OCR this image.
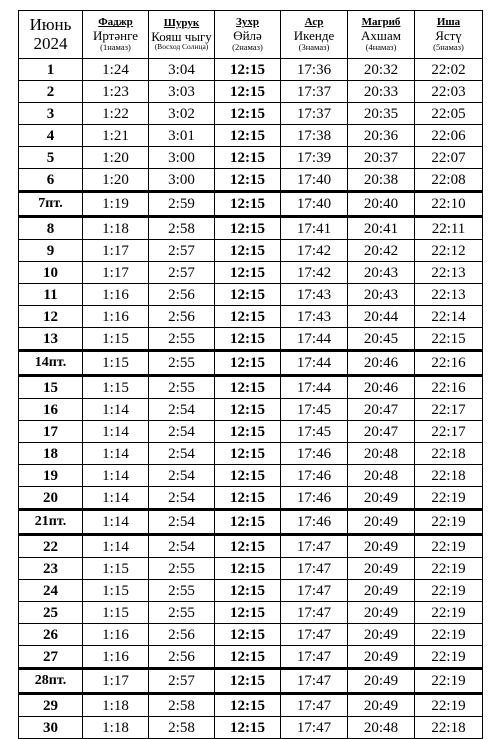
Июнь
2024	Фаджр
Иртәнге
(1намаз)	Шурук
Кояш чыгу
(Восход Солнца)	Зухр
Өйлә
(2намаз)	Аср
Икенде
(3намаз)	Магриб
Ахшам
(4намаз)	Иша
Ястү
(5намаз)

1	1:24	3:04	12:15	17:36	20:32	22:02
2	1:23	3:03	12:15	17:37	20:33	22:03
3	1:22	3:02	12:15	17:37	20:35	22:05
4	1:21	3:01	12:15	17:38	20:36	22:06
5	1:20	3:00	12:15	17:39	20:37	22:07
6	1:20	3:00	12:15	17:40	20:38	22:08
7пт.	1:19	2:59	12:15	17:40	20:40	22:10
8	1:18	2:58	12:15	17:41	20:41	22:11
9	1:17	2:57	12:15	17:42	20:42	22:12
10	1:17	2:57	12:15	17:42	20:43	22:13
11	1:16	2:56	12:15	17:43	20:43	22:13
12	1:16	2:56	12:15	17:43	20:44	22:14
13	1:15	2:55	12:15	17:44	20:45	22:15
14пт.	1:15	2:55	12:15	17:44	20:46	22:16
15	1:15	2:55	12:15	17:44	20:46	22:16
16	1:14	2:54	12:15	17:45	20:47	22:17
17	1:14	2:54	12:15	17:45	20:47	22:17
18	1:14	2:54	12:15	17:46	20:48	22:18
19	1:14	2:54	12:15	17:46	20:48	22:18
20	1:14	2:54	12:15	17:46	20:49	22:19
21пт.	1:14	2:54	12:15	17:46	20:49	22:19
22	1:14	2:54	12:15	17:47	20:49	22:19
23	1:15	2:55	12:15	17:47	20:49	22:19
24	1:15	2:55	12:15	17:47	20:49	22:19
25	1:15	2:55	12:15	17:47	20:49	22:19
26	1:16	2:56	12:15	17:47	20:49	22:19
27	1:16	2:56	12:15	17:47	20:49	22:19
28пт.	1:17	2:57	12:15	17:47	20:49	22:19
29	1:18	2:58	12:15	17:47	20:49	22:19
30	1:18	2:58	12:15	17:47	20:48	22:18
